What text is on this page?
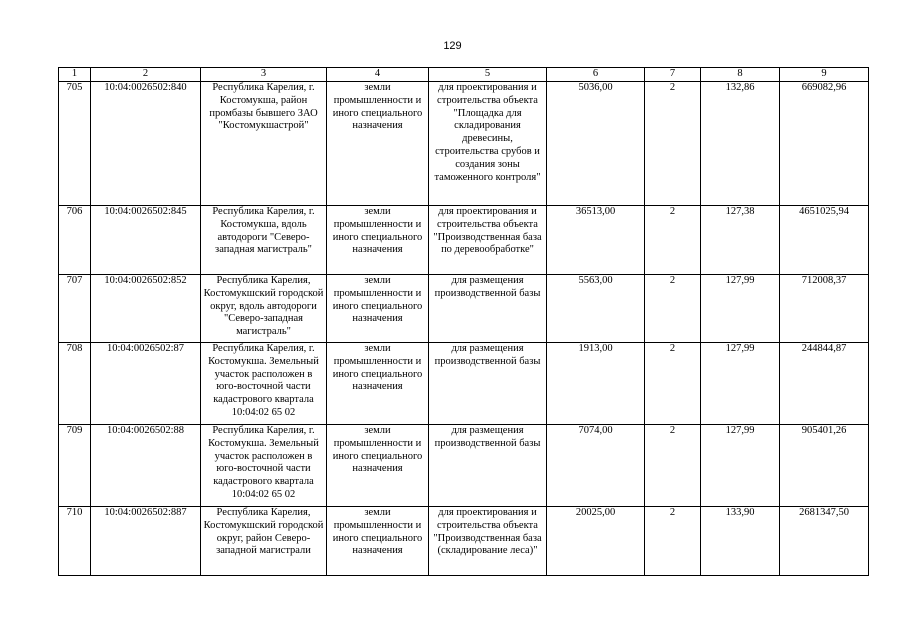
129
1	2	3	4	5	6	7	8	9
705	10:04:0026502:840	Республика Карелия, г. Костомукша, район промбазы бывшего ЗАО "Костомукшастрой"	земли промышленности и иного специального назначения	для проектирования и строительства объекта "Площадка для складирования древесины, строительства срубов и создания зоны таможенного контроля"	5036,00	2	132,86	669082,96
706	10:04:0026502:845	Республика Карелия, г. Костомукша, вдоль автодороги "Северо-западная магистраль"	земли промышленности и иного специального назначения	для проектирования и строительства объекта "Производственная база по деревообработке"	36513,00	2	127,38	4651025,94
707	10:04:0026502:852	Республика Карелия, Костомукшский городской округ, вдоль автодороги "Северо-западная магистраль"	земли промышленности и иного специального назначения	для размещения производственной базы	5563,00	2	127,99	712008,37
708	10:04:0026502:87	Республика Карелия, г. Костомукша. Земельный участок расположен в юго-восточной части кадастрового квартала 10:04:02 65 02	земли промышленности и иного специального назначения	для размещения производственной базы	1913,00	2	127,99	244844,87
709	10:04:0026502:88	Республика Карелия, г. Костомукша. Земельный участок расположен в юго-восточной части кадастрового квартала 10:04:02 65 02	земли промышленности и иного специального назначения	для размещения производственной базы	7074,00	2	127,99	905401,26
710	10:04:0026502:887	Республика Карелия, Костомукшский городской округ, район Северо-западной магистрали	земли промышленности и иного специального назначения	для проектирования и строительства объекта "Производственная база (складирование леса)"	20025,00	2	133,90	2681347,50
